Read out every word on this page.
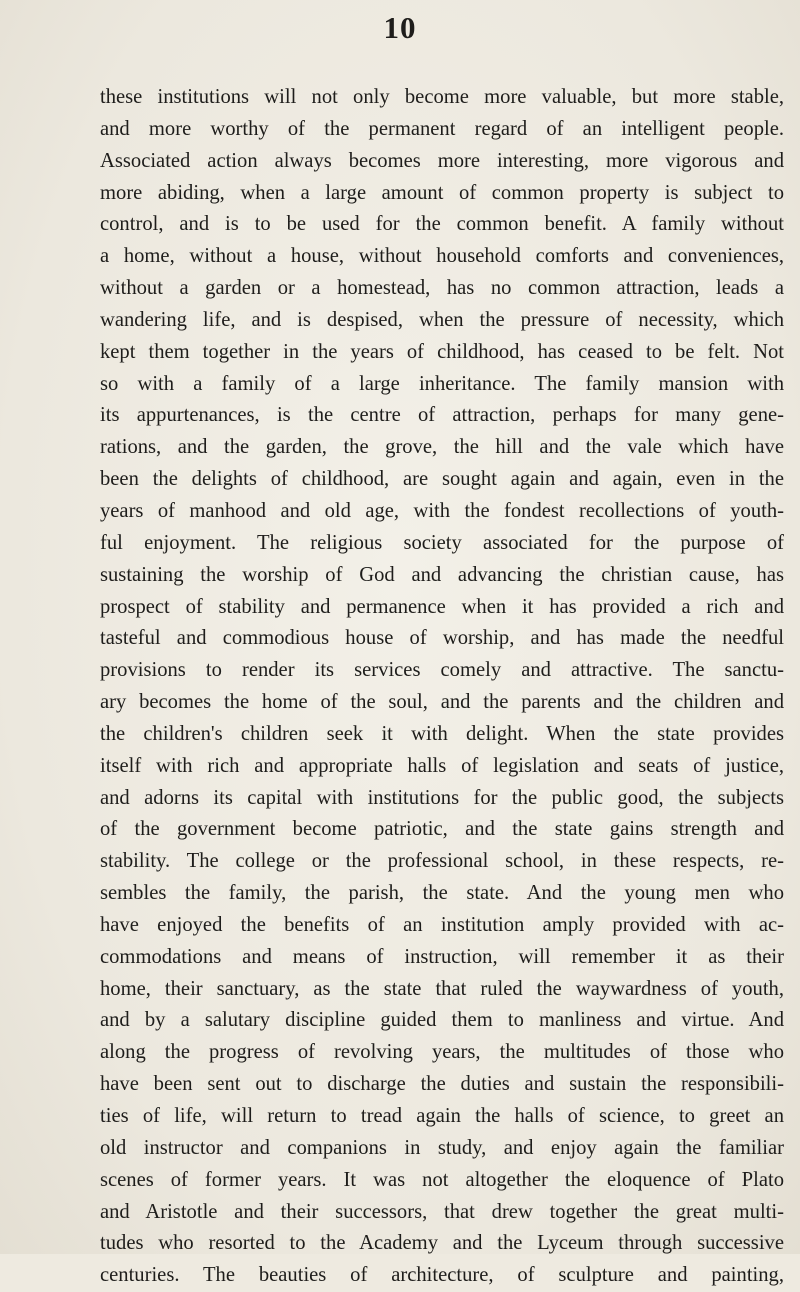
10
these institutions will not only become more valuable, but more stable,
and more worthy of the permanent regard of an intelligent people.
Associated action always becomes more interesting, more vigorous and
more abiding, when a large amount of common property is subject to
control, and is to be used for the common benefit. A family without
a home, without a house, without household comforts and conveniences,
without a garden or a homestead, has no common attraction, leads a
wandering life, and is despised, when the pressure of necessity, which
kept them together in the years of childhood, has ceased to be felt. Not
so with a family of a large inheritance. The family mansion with
its appurtenances, is the centre of attraction, perhaps for many gene-
rations, and the garden, the grove, the hill and the vale which have
been the delights of childhood, are sought again and again, even in the
years of manhood and old age, with the fondest recollections of youth-
ful enjoyment. The religious society associated for the purpose of
sustaining the worship of God and advancing the christian cause, has
prospect of stability and permanence when it has provided a rich and
tasteful and commodious house of worship, and has made the needful
provisions to render its services comely and attractive. The sanctu-
ary becomes the home of the soul, and the parents and the children and
the children's children seek it with delight. When the state provides
itself with rich and appropriate halls of legislation and seats of justice,
and adorns its capital with institutions for the public good, the subjects
of the government become patriotic, and the state gains strength and
stability. The college or the professional school, in these respects, re-
sembles the family, the parish, the state. And the young men who
have enjoyed the benefits of an institution amply provided with ac-
commodations and means of instruction, will remember it as their
home, their sanctuary, as the state that ruled the waywardness of youth,
and by a salutary discipline guided them to manliness and virtue. And
along the progress of revolving years, the multitudes of those who
have been sent out to discharge the duties and sustain the responsibili-
ties of life, will return to tread again the halls of science, to greet an
old instructor and companions in study, and enjoy again the familiar
scenes of former years. It was not altogether the eloquence of Plato
and Aristotle and their successors, that drew together the great multi-
tudes who resorted to the Academy and the Lyceum through successive
centuries. The beauties of architecture, of sculpture and painting,
